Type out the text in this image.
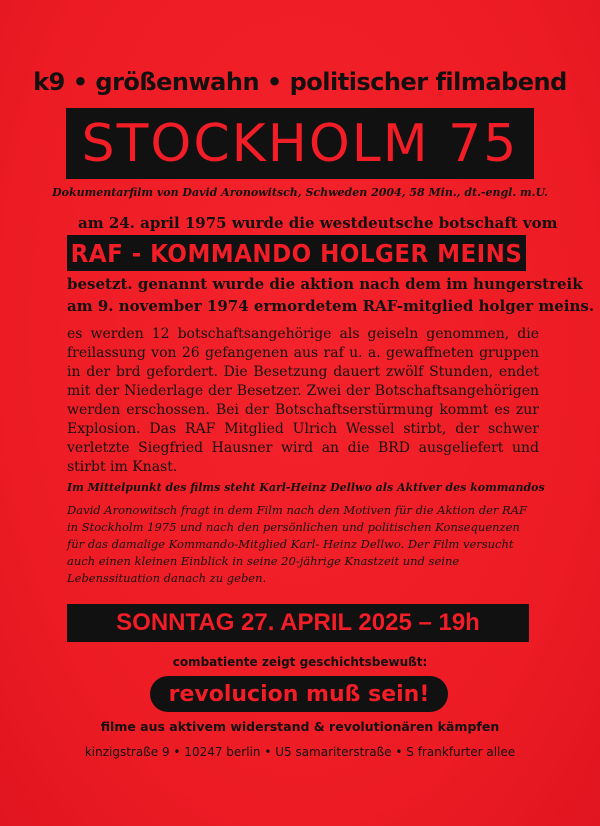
k9 • größenwahn • politischer filmabend
STOCKHOLM 75
Dokumentarfilm von David Aronowitsch, Schweden 2004, 58 Min., dt.-engl. m.U.
am 24. april 1975 wurde die westdeutsche botschaft vom
RAF - KOMMANDO HOLGER MEINS
besetzt. genannt wurde die aktion nach dem im hungerstreik
am 9. november 1974 ermordetem RAF-mitglied holger meins.

es werden 12 botschaftsangehörige als geiseln genommen, die freilassung von 26 gefangenen aus raf u. a. gewaffneten gruppen in der brd gefordert. Die Besetzung dauert zwölf Stunden, endet mit der Niederlage der Besetzer. Zwei der Botschaftsangehörigen werden erschossen. Bei der Botschaftserstürmung kommt es zur Explosion. Das RAF Mitglied Ulrich Wessel stirbt, der schwer verletzte Siegfried Hausner wird an die BRD ausgeliefert und stirbt im Knast.

Im Mittelpunkt des films steht Karl-Heinz Dellwo als Aktiver des kommandos
David Aronowitsch fragt in dem Film nach den Motiven für die Aktion der RAF in Stockholm 1975 und nach den persönlichen und politischen Konsequenzen für das damalige Kommando-Mitglied Karl- Heinz Dellwo. Der Film versucht auch einen kleinen Einblick in seine 20-jährige Knastzeit und seine Lebenssituation danach zu geben.
SONNTAG 27. APRIL 2025 – 19h
combatiente zeigt geschichtsbewußt:
revolucion muß sein!
filme aus aktivem widerstand & revolutionären kämpfen
kinzigstraße 9 • 10247 berlin • U5 samariterstraße • S frankfurter allee
